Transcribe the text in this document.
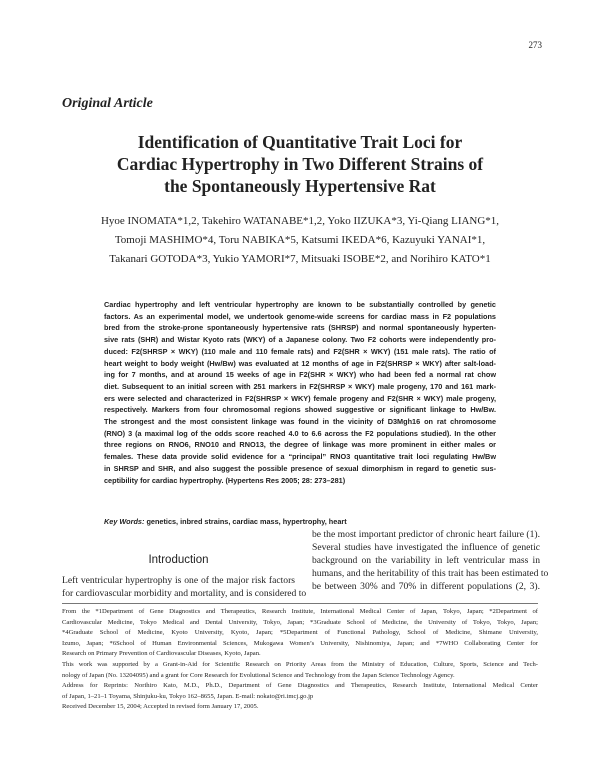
273
Original Article
Identification of Quantitative Trait Loci for
Cardiac Hypertrophy in Two Different Strains of
the Spontaneously Hypertensive Rat
Hyoe INOMATA*1,2, Takehiro WATANABE*1,2, Yoko IIZUKA*3, Yi-Qiang LIANG*1,
Tomoji MASHIMO*4, Toru NABIKA*5, Katsumi IKEDA*6, Kazuyuki YANAI*1,
Takanari GOTODA*3, Yukio YAMORI*7, Mitsuaki ISOBE*2, and Norihiro KATO*1
Cardiac hypertrophy and left ventricular hypertrophy are known to be substantially controlled by genetic
factors. As an experimental model, we undertook genome-wide screens for cardiac mass in F2 populations
bred from the stroke-prone spontaneously hypertensive rats (SHRSP) and normal spontaneously hyperten-
sive rats (SHR) and Wistar Kyoto rats (WKY) of a Japanese colony. Two F2 cohorts were independently pro-
duced: F2(SHRSP × WKY) (110 male and 110 female rats) and F2(SHR × WKY) (151 male rats). The ratio of
heart weight to body weight (Hw/Bw) was evaluated at 12 months of age in F2(SHRSP × WKY) after salt-load-
ing for 7 months, and at around 15 weeks of age in F2(SHR × WKY) who had been fed a normal rat chow
diet. Subsequent to an initial screen with 251 markers in F2(SHRSP × WKY) male progeny, 170 and 161 mark-
ers were selected and characterized in F2(SHRSP × WKY) female progeny and F2(SHR × WKY) male progeny,
respectively. Markers from four chromosomal regions showed suggestive or significant linkage to Hw/Bw.
The strongest and the most consistent linkage was found in the vicinity of D3Mgh16 on rat chromosome
(RNO) 3 (a maximal log of the odds score reached 4.0 to 6.6 across the F2 populations studied). In the other
three regions on RNO6, RNO10 and RNO13, the degree of linkage was more prominent in either males or
females. These data provide solid evidence for a “principal” RNO3 quantitative trait loci regulating Hw/Bw
in SHRSP and SHR, and also suggest the possible presence of sexual dimorphism in regard to genetic sus-
ceptibility for cardiac hypertrophy. (Hypertens Res 2005; 28: 273–281)
Key Words: genetics, inbred strains, cardiac mass, hypertrophy, heart
Introduction
Left ventricular hypertrophy is one of the major risk factors
for cardiovascular morbidity and mortality, and is considered to
be the most important predictor of chronic heart failure (1).
Several studies have investigated the influence of genetic
background on the variability in left ventricular mass in
humans, and the heritability of this trait has been estimated to
be between 30% and 70% in different populations (2, 3).
From the *1Department of Gene Diagnostics and Therapeutics, Research Institute, International Medical Center of Japan, Tokyo, Japan; *2Department of
Cardiovascular Medicine, Tokyo Medical and Dental University, Tokyo, Japan; *3Graduate School of Medicine, the University of Tokyo, Tokyo, Japan;
*4Graduate School of Medicine, Kyoto University, Kyoto, Japan; *5Department of Functional Pathology, School of Medicine, Shimane University,
Izumo, Japan; *6School of Human Environmental Sciences, Mukogawa Women’s University, Nishinomiya, Japan; and *7WHO Collaborating Center for
Research on Primary Prevention of Cardiovascular Diseases, Kyoto, Japan.
This work was supported by a Grant-in-Aid for Scientific Research on Priority Areas from the Ministry of Education, Culture, Sports, Science and Tech-
nology of Japan (No. 13204095) and a grant for Core Research for Evolutional Science and Technology from the Japan Science Technology Agency.
Address for Reprints: Norihiro Kato, M.D., Ph.D., Department of Gene Diagnostics and Therapeutics, Research Institute, International Medical Center
of Japan, 1–21–1 Toyama, Shinjuku-ku, Tokyo 162–8655, Japan. E-mail: nokato@ri.imcj.go.jp
Received December 15, 2004; Accepted in revised form January 17, 2005.
